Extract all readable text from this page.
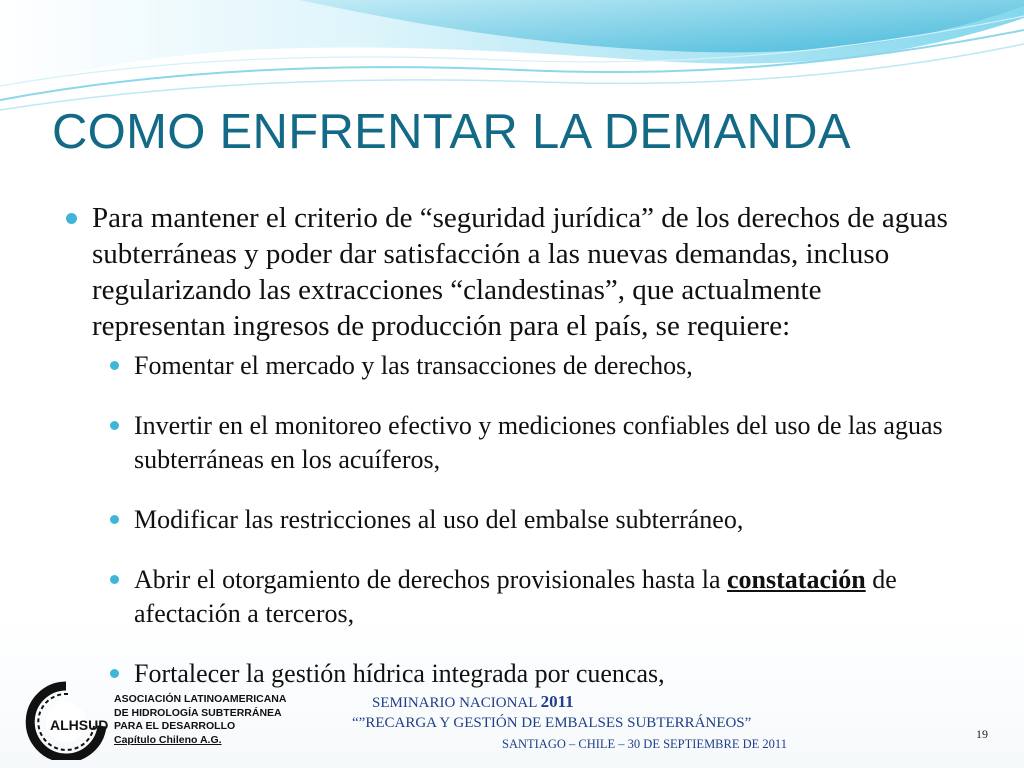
COMO ENFRENTAR LA DEMANDA

Para mantener el criterio de “seguridad jurídica” de los derechos de aguas subterráneas y poder dar satisfacción a las nuevas demandas, incluso regularizando las extracciones “clandestinas”, que actualmente representan ingresos de producción para el país, se requiere:

Fomentar el mercado y las transacciones de derechos,

Invertir en el monitoreo efectivo y mediciones confiables del uso de las aguas subterráneas en los acuíferos,

Modificar las restricciones al uso del embalse subterráneo,

Abrir el otorgamiento de derechos provisionales hasta la constatación de afectación a terceros,

Fortalecer la gestión hídrica integrada por cuencas,

ALHSUD
ASOCIACIÓN LATINOAMERICANA
DE HIDROLOGÍA SUBTERRÁNEA
PARA EL DESARROLLO
Capítulo Chileno A.G.
SEMINARIO NACIONAL 2011
“”RECARGA Y GESTIÓN DE EMBALSES SUBTERRÁNEOS”
SANTIAGO – CHILE – 30 DE SEPTIEMBRE DE 2011
19
